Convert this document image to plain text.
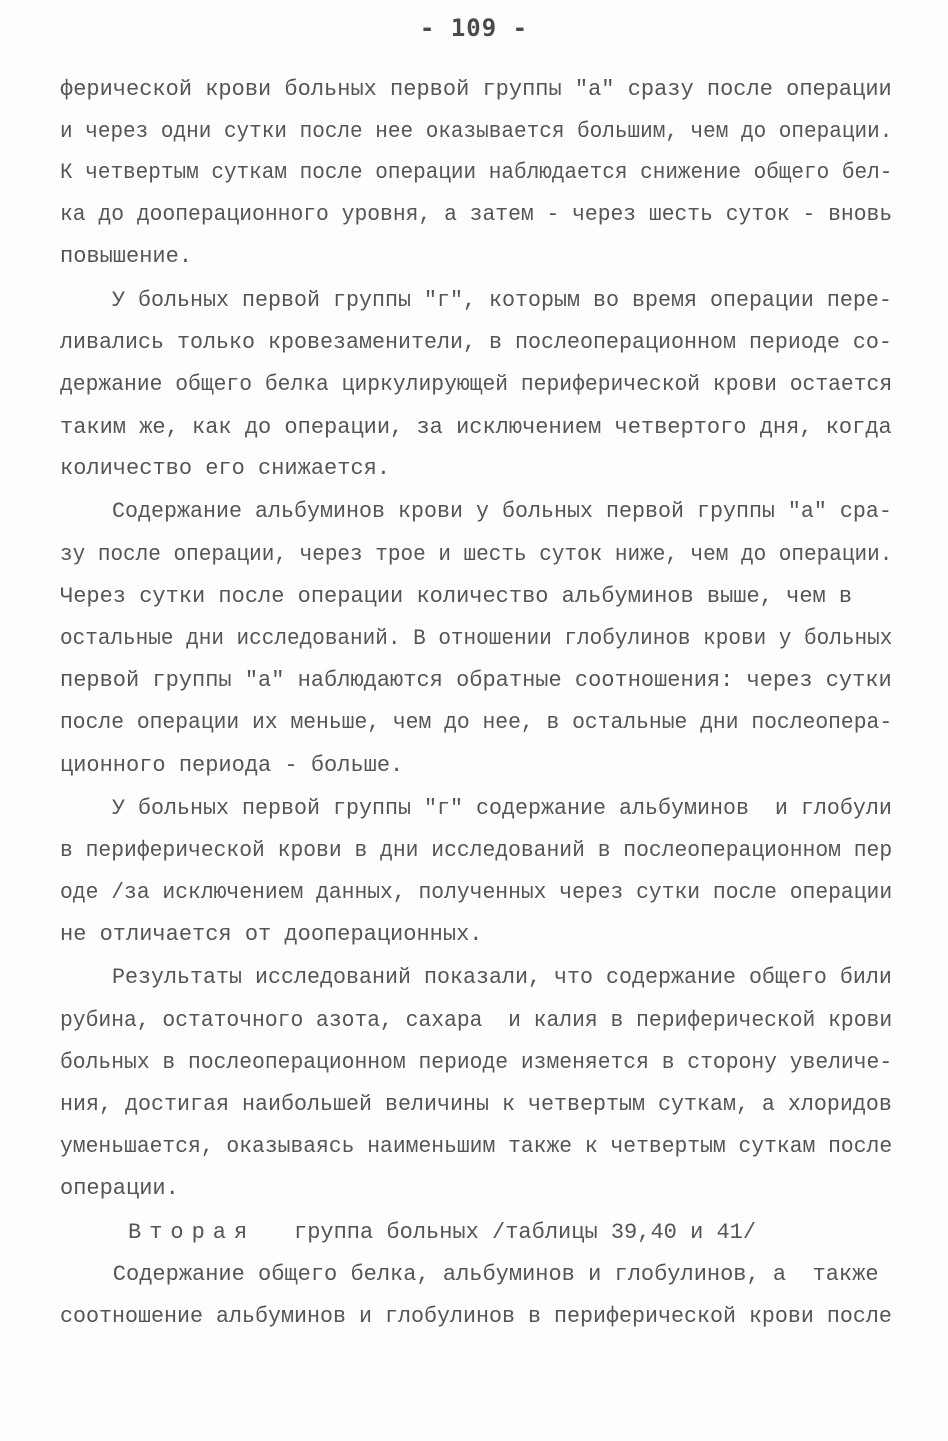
- 109 -
ферической крови больных первой группы "а" сразу после операции
и через одни сутки после нее оказывается большим, чем до операции.
К четвертым суткам после операции наблюдается снижение общего бел-
ка до дооперационного уровня, а затем - через шесть суток - вновь
повышение.
У больных первой группы "г", которым во время операции пере-
ливались только кровезаменители, в послеоперационном периоде со-
держание общего белка циркулирующей периферической крови остается
таким же, как до операции, за исключением четвертого дня, когда
количество его снижается.
Содержание альбуминов крови у больных первой группы "а" сра-
зу после операции, через трое и шесть суток ниже, чем до операции.
Через сутки после операции количество альбуминов выше, чем в
остальные дни исследований. В отношении глобулинов крови у больных
первой группы "а" наблюдаются обратные соотношения: через сутки
после операции их меньше, чем до нее, в остальные дни послеопера-
ционного периода - больше.
У больных первой группы "г" содержание альбуминов  и глобули
в периферической крови в дни исследований в послеоперационном пер
оде /за исключением данных, полученных через сутки после операции
не отличается от дооперационных.
Результаты исследований показали, что содержание общего били
рубина, остаточного азота, сахара  и калия в периферической крови
больных в послеоперационном периоде изменяется в сторону увеличе-
ния, достигая наибольшей величины к четвертым суткам, а хлоридов
уменьшается, оказываясь наименьшим также к четвертым суткам после
операции.
Вторая группа больных /таблицы 39,40 и 41/
Содержание общего белка, альбуминов и глобулинов, а  также
соотношение альбуминов и глобулинов в периферической крови после
